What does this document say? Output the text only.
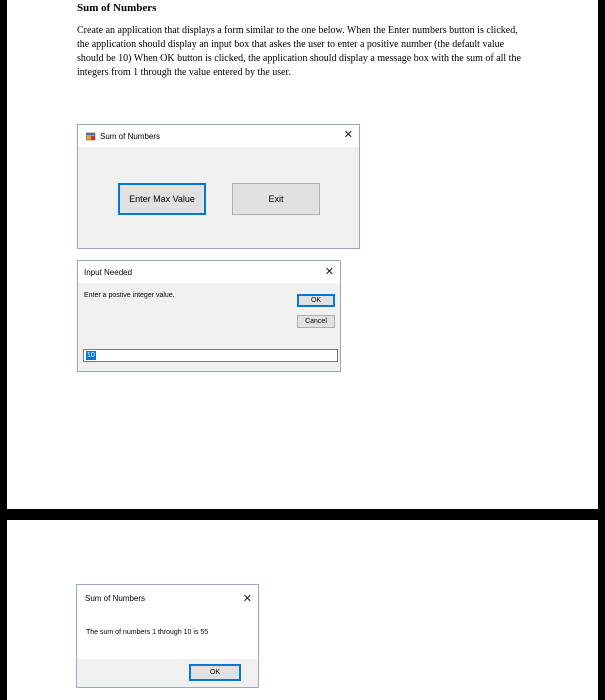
Sum of Numbers

Create an application that displays a form similar to the one below. When the Enter numbers button is clicked, the application should display an input box that askes the user to enter a positive number (the default value should be 10) When OK button is clicked, the application should display a message box with the sum of all the integers from 1 through the value entered by the user.

Sum of Numbers	✕
Enter Max Value	Exit
Input Needed	✕
Enter a postive integer value.
OK
Cancel
10
Sum of Numbers	✕
The sum of numbers 1 through 10 is 55
OK
